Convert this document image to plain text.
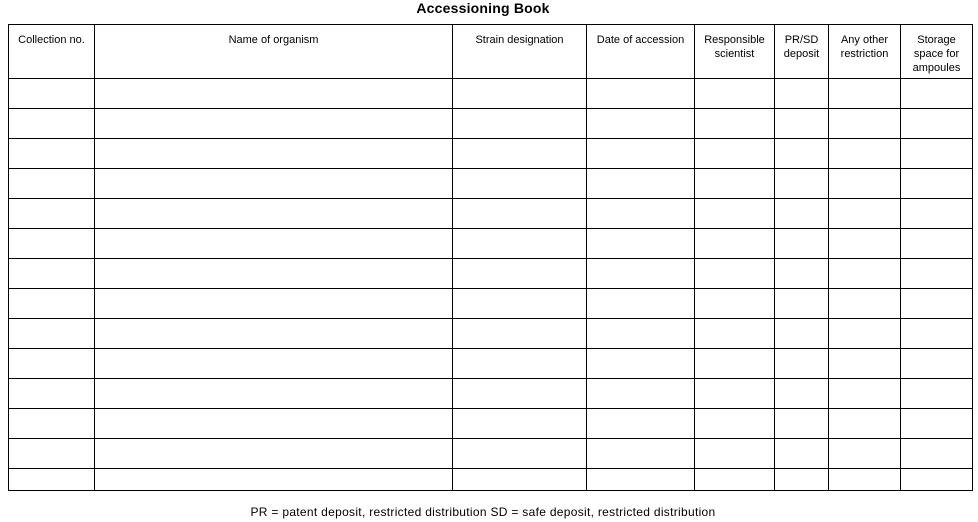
Accessioning Book
Collection no.	Name of organism	Strain designation	Date of accession	Responsible scientist	PR/SD deposit	Any other restriction	Storage space for ampoules

PR = patent deposit, restricted distribution SD = safe deposit, restricted distribution
